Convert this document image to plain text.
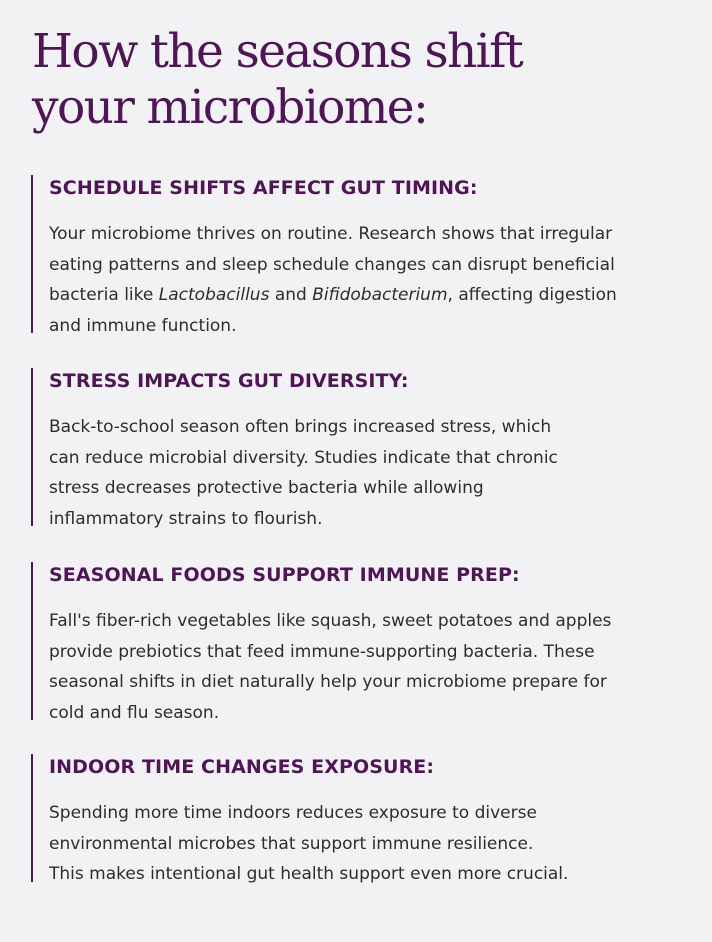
How the seasons shift
your microbiome:
SCHEDULE SHIFTS AFFECT GUT TIMING:

Your microbiome thrives on routine. Research shows that irregular
eating patterns and sleep schedule changes can disrupt beneficial
bacteria like Lactobacillus and Bifidobacterium, affecting digestion
and immune function.

STRESS IMPACTS GUT DIVERSITY:

Back-to-school season often brings increased stress, which
can reduce microbial diversity. Studies indicate that chronic
stress decreases protective bacteria while allowing
inflammatory strains to flourish.

SEASONAL FOODS SUPPORT IMMUNE PREP:

Fall's fiber-rich vegetables like squash, sweet potatoes and apples
provide prebiotics that feed immune-supporting bacteria. These
seasonal shifts in diet naturally help your microbiome prepare for
cold and flu season.

INDOOR TIME CHANGES EXPOSURE:

Spending more time indoors reduces exposure to diverse
environmental microbes that support immune resilience.
This makes intentional gut health support even more crucial.
